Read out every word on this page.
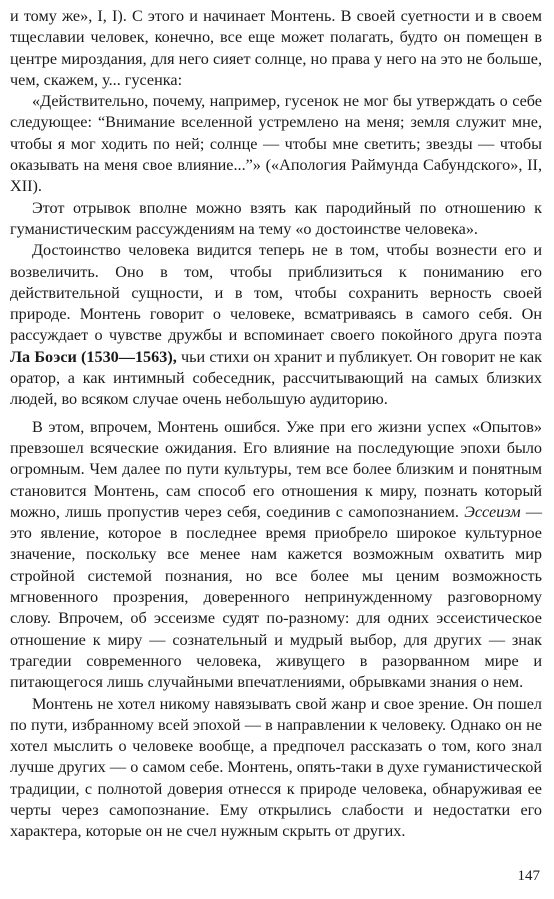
и тому же», I, I). С этого и начинает Монтень. В своей суетности и в своем тщеславии человек, конечно, все еще может полагать, будто он помещен в центре мироздания, для него сияет солнце, но права у него на это не больше, чем, скажем, у... гусенка:

«Действительно, почему, например, гусенок не мог бы утверждать о себе следующее: “Внимание вселенной устремлено на меня; земля служит мне, чтобы я мог ходить по ней; солнце — чтобы мне светить; звезды — чтобы оказывать на меня свое влияние...”» («Апология Раймунда Сабундского», II, XII).

Этот отрывок вполне можно взять как пародийный по отношению к гуманистическим рассуждениям на тему «о достоинстве человека».

Достоинство человека видится теперь не в том, чтобы вознести его и возвеличить. Оно в том, чтобы приблизиться к пониманию его действительной сущности, и в том, чтобы сохранить верность своей природе. Монтень говорит о человеке, всматриваясь в самого себя. Он рассуждает о чувстве дружбы и вспоминает своего покойного друга поэта Ла Боэси (1530—1563), чьи стихи он хранит и публикует. Он говорит не как оратор, а как интимный собеседник, рассчитывающий на самых близких людей, во всяком случае очень небольшую аудиторию.

В этом, впрочем, Монтень ошибся. Уже при его жизни успех «Опытов» превзошел всяческие ожидания. Его влияние на последующие эпохи было огромным. Чем далее по пути культуры, тем все более близким и понятным становится Монтень, сам способ его отношения к миру, познать который можно, лишь пропустив через себя, соединив с самопознанием. Эссеизм — это явление, которое в последнее время приобрело широкое культурное значение, поскольку все менее нам кажется возможным охватить мир стройной системой познания, но все более мы ценим возможность мгновенного прозрения, доверенного непринужденному разговорному слову. Впрочем, об эссеизме судят по-разному: для одних эссеистическое отношение к миру — сознательный и мудрый выбор, для других — знак трагедии современного человека, живущего в разорванном мире и питающегося лишь случайными впечатлениями, обрывками знания о нем.

Монтень не хотел никому навязывать свой жанр и свое зрение. Он пошел по пути, избранному всей эпохой — в направлении к человеку. Однако он не хотел мыслить о человеке вообще, а предпочел рассказать о том, кого знал лучше других — о самом себе. Монтень, опять-таки в духе гуманистической традиции, с полнотой доверия отнесся к природе человека, обнаруживая ее черты через самопознание. Ему открылись слабости и недостатки его характера, которые он не счел нужным скрыть от других.

147
